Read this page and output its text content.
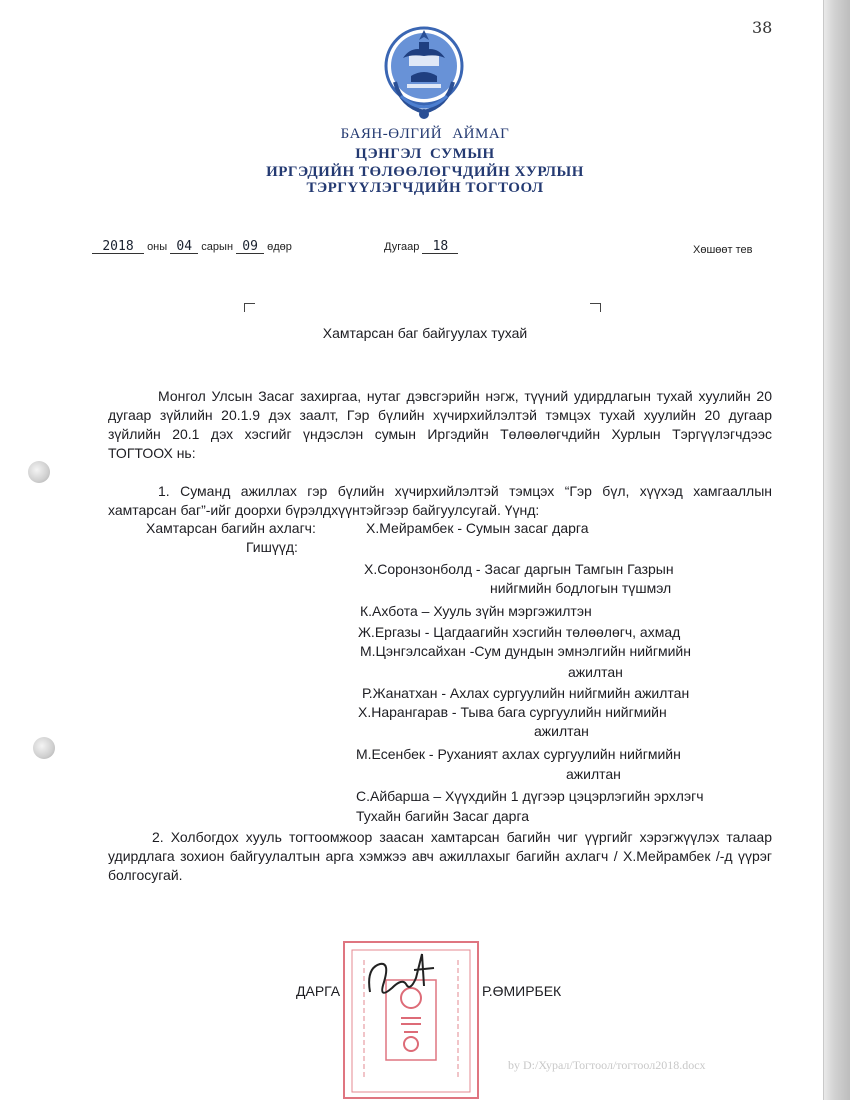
38
БАЯН-ӨЛГИЙ АЙМАГ
ЦЭНГЭЛ СУМЫН
ИРГЭДИЙН ТӨЛӨӨЛӨГЧДИЙН ХУРЛЫН
ТЭРГҮҮЛЭГЧДИЙН ТОГТООЛ
2018 оны 04 сарын 09 өдөр	Дугаар 18	Хөшөөт тев
Хамтарсан баг байгуулах тухай
Монгол Улсын Засаг захиргаа, нутаг дэвсгэрийн нэгж, түүний удирдлагын тухай хуулийн 20 дугаар зүйлийн 20.1.9 дэх заалт, Гэр бүлийн хүчирхийлэлтэй тэмцэх тухай хуулийн 20 дугаар зүйлийн 20.1 дэх хэсгийг үндэслэн сумын Иргэдийн Төлөөлөгчдийн Хурлын Тэргүүлэгчдээс ТОГТООХ нь:
1. Суманд ажиллах гэр бүлийн хүчирхийлэлтэй тэмцэх “Гэр бүл, хүүхэд хамгааллын хамтарсан баг”-ийг доорхи бүрэлдхүүнтэйгээр байгуулсугай. Үүнд:
Хамтарсан багийн ахлагч:	Х.Мейрамбек - Сумын засаг дарга
Гишүүд:
Х.Соронзонболд - Засаг даргын Тамгын Газрын
нийгмийн бодлогын түшмэл
К.Ахбота – Хууль зүйн мэргэжилтэн
Ж.Ергазы - Цагдаагийн хэсгийн төлөөлөгч, ахмад
М.Цэнгэлсайхан -Сум дундын эмнэлгийн нийгмийн
ажилтан
Р.Жанатхан - Ахлах сургуулийн нийгмийн ажилтан
Х.Нарангарав - Тыва бага сургуулийн нийгмийн
ажилтан
М.Есенбек - Руханият ахлах сургуулийн нийгмийн
ажилтан
С.Айбарша – Хүүхдийн 1 дүгээр цэцэрлэгийн эрхлэгч
Тухайн багийн Засаг дарга
2. Холбогдох хууль тогтоомжоор заасан хамтарсан багийн чиг үүргийг хэрэгжүүлэх талаар удирдлага зохион байгуулалтын арга хэмжээ авч ажиллахыг багийн ахлагч / Х.Мейрамбек /-д үүрэг болгосугай.
ДАРГА	Р.ӨМИРБЕК
by D:/Хурал/Тогтоол/тогтоол2018.docx
